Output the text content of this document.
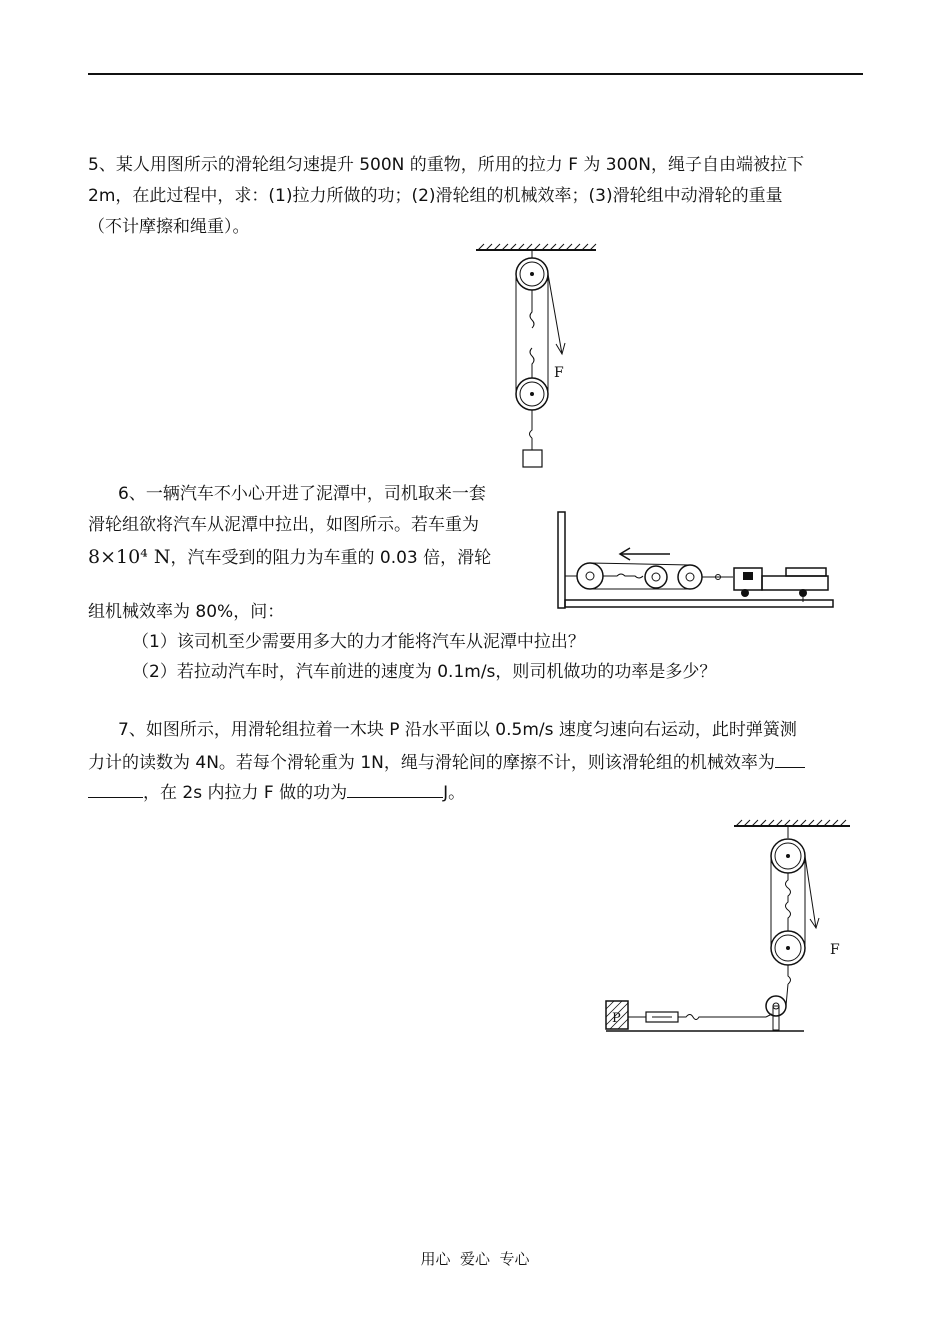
5、某人用图所示的滑轮组匀速提升 500N 的重物，所用的拉力 F 为 300N，绳子自由端被拉下
2m，在此过程中，求：(1)拉力所做的功；(2)滑轮组的机械效率；(3)滑轮组中动滑轮的重量
（不计摩擦和绳重）。
F
6、一辆汽车不小心开进了泥潭中，司机取来一套
滑轮组欲将汽车从泥潭中拉出，如图所示。若车重为
8×10⁴ N，汽车受到的阻力为车重的 0.03 倍，滑轮
组机械效率为 80%，问：
（1）该司机至少需要用多大的力才能将汽车从泥潭中拉出？
（2）若拉动汽车时，汽车前进的速度为 0.1m/s，则司机做功的功率是多少？
7、如图所示，用滑轮组拉着一木块 P 沿水平面以 0.5m/s 速度匀速向右运动，此时弹簧测
力计的读数为 4N。若每个滑轮重为 1N，绳与滑轮间的摩擦不计，则该滑轮组的机械效率为
，在 2s 内拉力 F 做的功为	J。
P
F
用心  爱心  专心
